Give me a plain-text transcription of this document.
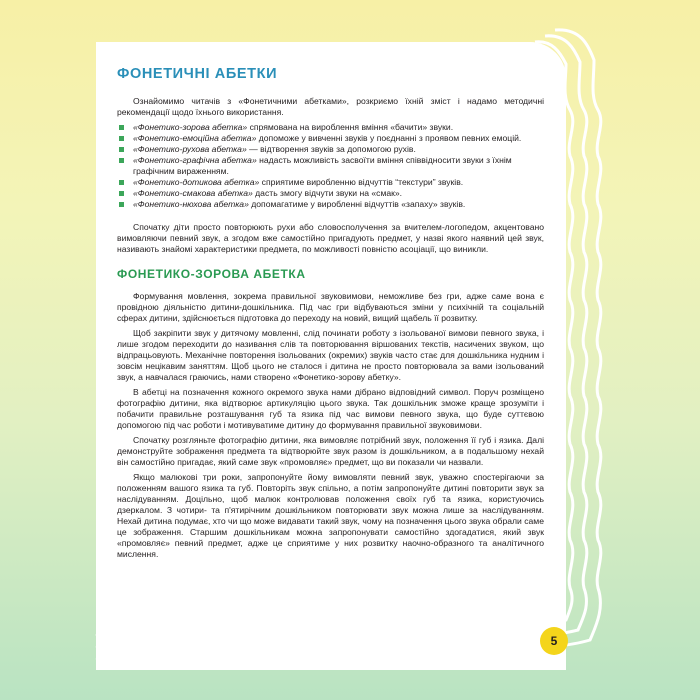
ФОНЕТИЧНІ АБЕТКИ

Ознайомимо читачів з «Фонетичними абетками», розкриємо їхній зміст і надамо методичні рекомендації щодо їхнього використання.

«Фонетико-зорова абетка» спрямована на вироблення вміння «бачити» звуки.
«Фонетико-емоційна абетка» допоможе у вивченні звуків у поєднанні з проявом певних емоцій.
«Фонетико-рухова абетка» — відтворення звуків за допомогою рухів.
«Фонетико-графічна абетка» надасть можливість засвоїти вміння співвідносити звуки з їхнім графічним вираженням.
«Фонетико-дотикова абетка» сприятиме виробленню відчуттів “текстури” звуків.
«Фонетико-смакова абетка» дасть змогу відчути звуки на «смак».
«Фонетико-нюхова абетка» допомагатиме у виробленні відчуттів «запаху» звуків.

Спочатку діти просто повторюють рухи або словосполучення за вчителем-логопедом, акцентовано вимовляючи певний звук, а згодом вже самостійно пригадують предмет, у назві якого наявний цей звук, називають знайомі характеристики предмета, по можливості повністю асоціації, що виникли.

ФОНЕТИКО-ЗОРОВА АБЕТКА

Формування мовлення, зокрема правильної звуковимови, неможливе без гри, адже саме вона є провідною діяльністю дитини-дошкільника. Під час гри відбуваються зміни у психічній та соціальній сферах дитини, здійснюється підготовка до переходу на новий, вищий щабель її розвитку.

Щоб закріпити звук у дитячому мовленні, слід починати роботу з ізольованої вимови певного звука, і лише згодом переходити до називання слів та повторювання віршованих текстів, насичених звуком, що відпрацьовують. Механічне повторення ізольованих (окремих) звуків часто стає для дошкільника нудним і зовсім нецікавим заняттям. Щоб цього не сталося і дитина не просто повторювала за вами ізольований звук, а навчалася граючись, нами створено «Фонетико-зорову абетку».

В абетці на позначення кожного окремого звука нами дібрано відповідний символ. Поруч розміщено фотографію дитини, яка відтворює артикуляцію цього звука. Так дошкільник зможе краще зрозуміти і побачити правильне розташування губ та язика під час вимови певного звука, що буде суттєвою допомогою під час роботи і мотивуватиме дитину до формування правильної звуковимови.

Спочатку розгляньте фотографію дитини, яка вимовляє потрібний звук, положення її губ і язика. Далі демонструйте зображення предмета та відтворюйте звук разом із дошкільником, а в подальшому нехай він самостійно пригадає, який саме звук «промовляє» предмет, що ви показали чи назвали.

Якщо малюкові три роки, запропонуйте йому вимовляти певний звук, уважно спостерігаючи за положенням вашого язика та губ. Повторіть звук спільно, а потім запропонуйте дитині повторити звук за наслідуванням. Доцільно, щоб малюк контролював положення своїх губ та язика, користуючись дзеркалом. З чотири- та п'ятирічним дошкільником повторювати звук можна лише за наслідуванням. Нехай дитина подумає, хто чи що може видавати такий звук, чому на позначення цього звука обрали саме це зображення. Старшим дошкільникам можна запропонувати самостійно здогадатися, який звук «промовляє» певний предмет, адже це сприятиме у них розвитку наочно-образного та аналітичного мислення.

5
